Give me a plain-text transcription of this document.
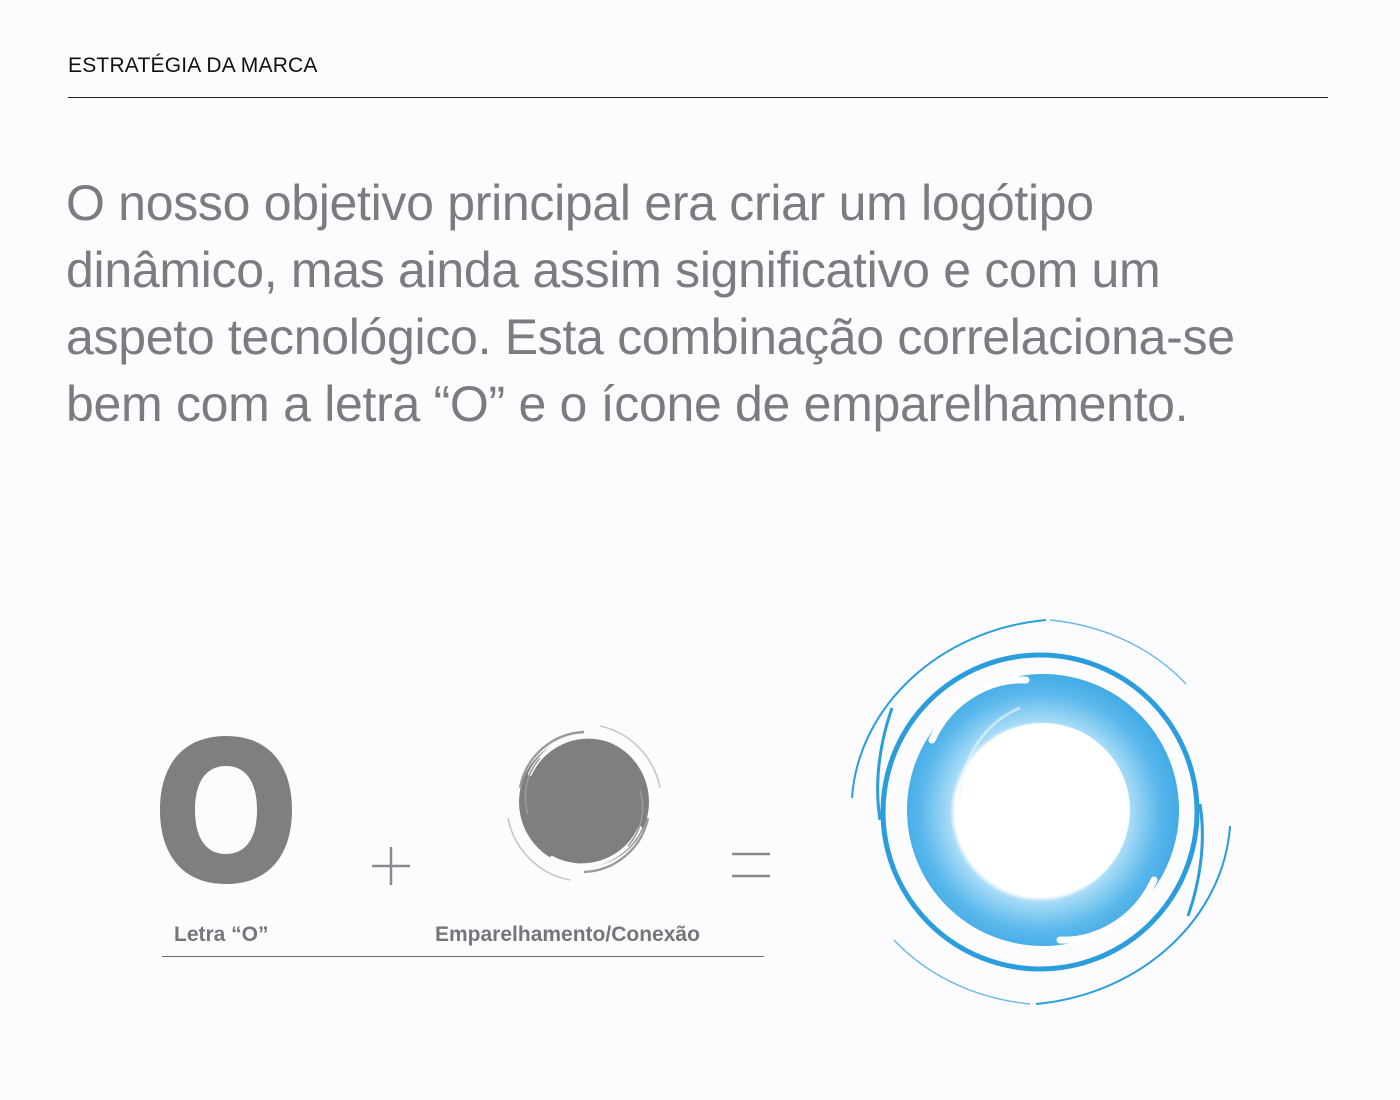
ESTRATÉGIA DA MARCA

O nosso objetivo principal era criar um logótipo dinâmico, mas ainda assim significativo e com um aspeto tecnológico. Esta combinação correlaciona-se bem com a letra “O” e o ícone de emparelhamento.

Letra “O”	Emparelhamento/Conexão
